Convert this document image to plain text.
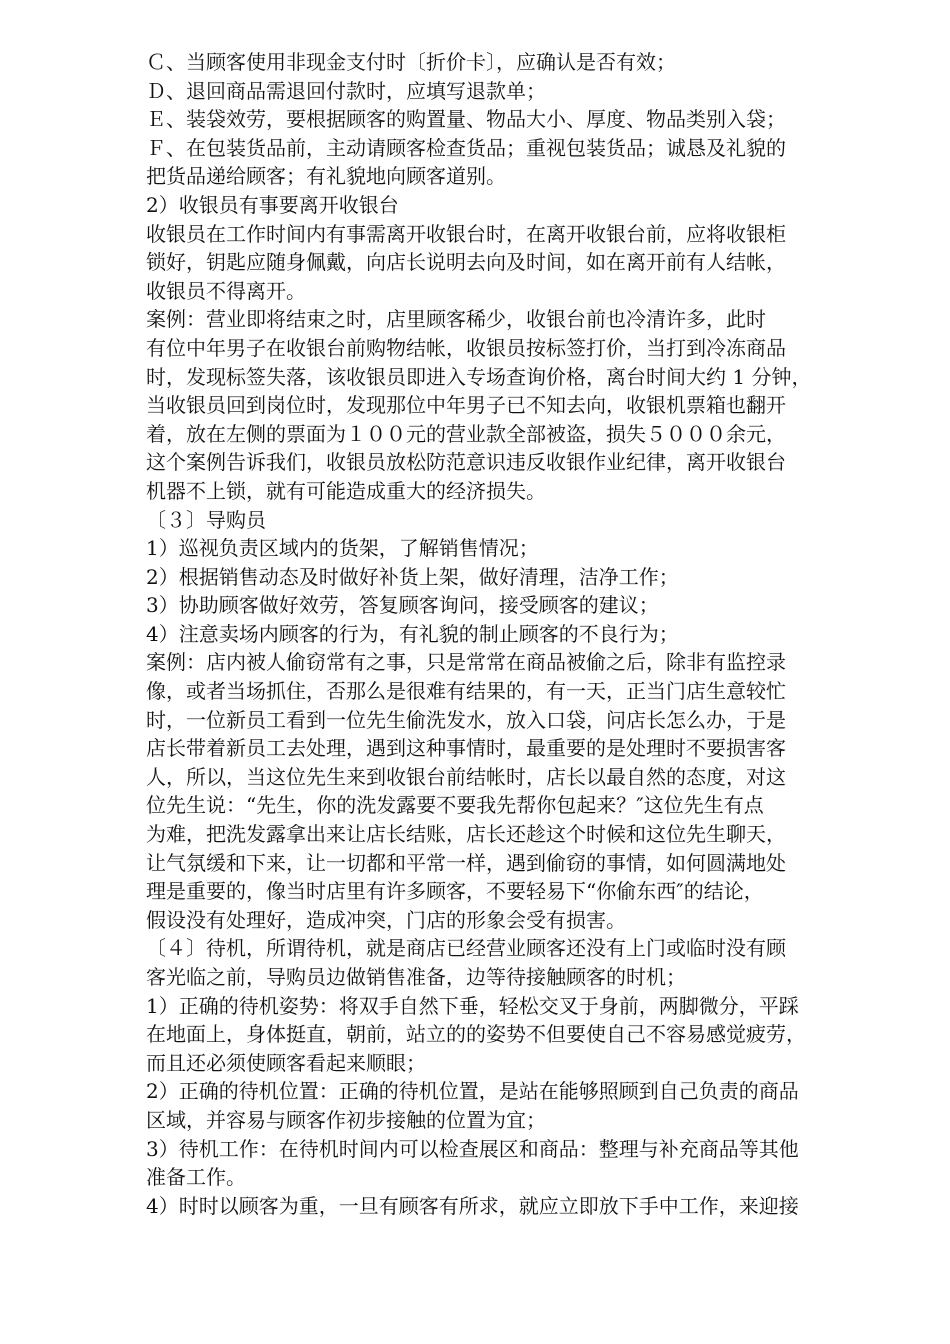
Ｃ、当顾客使用非现金支付时〔折价卡〕，应确认是否有效；
Ｄ、退回商品需退回付款时，应填写退款单；
Ｅ、装袋效劳，要根据顾客的购置量、物品大小、厚度、物品类别入袋；
Ｆ、在包装货品前，主动请顾客检查货品；重视包装货品；诚恳及礼貌的
把货品递给顾客；有礼貌地向顾客道别。
2）收银员有事要离开收银台
收银员在工作时间内有事需离开收银台时，在离开收银台前，应将收银柜
锁好，钥匙应随身佩戴，向店长说明去向及时间，如在离开前有人结帐，
收银员不得离开。
案例：营业即将结束之时，店里顾客稀少，收银台前也冷清许多，此时
有位中年男子在收银台前购物结帐，收银员按标签打价，当打到冷冻商品
时，发现标签失落，该收银员即进入专场查询价格，离台时间大约 1 分钟，
当收银员回到岗位时，发现那位中年男子已不知去向，收银机票箱也翻开
着，放在左侧的票面为１００元的营业款全部被盗，损失５０００余元，
这个案例告诉我们，收银员放松防范意识违反收银作业纪律，离开收银台
机器不上锁，就有可能造成重大的经济损失。
〔３〕导购员
1）巡视负责区域内的货架，了解销售情况；
2）根据销售动态及时做好补货上架，做好清理，洁净工作；
3）协助顾客做好效劳，答复顾客询问，接受顾客的建议；
4）注意卖场内顾客的行为，有礼貌的制止顾客的不良行为；
案例：店内被人偷窃常有之事，只是常常在商品被偷之后，除非有监控录
像，或者当场抓住，否那么是很难有结果的，有一天，正当门店生意较忙
时，一位新员工看到一位先生偷洗发水，放入口袋，问店长怎么办，于是
店长带着新员工去处理，遇到这种事情时，最重要的是处理时不要损害客
人，所以，当这位先生来到收银台前结帐时，店长以最自然的态度，对这
位先生说：“先生，你的洗发露要不要我先帮你包起来？″这位先生有点
为难，把洗发露拿出来让店长结账，店长还趁这个时候和这位先生聊天，
让气氛缓和下来，让一切都和平常一样，遇到偷窃的事情，如何圆满地处
理是重要的，像当时店里有许多顾客，不要轻易下“你偷东西″的结论，
假设没有处理好，造成冲突，门店的形象会受有损害。
〔４〕待机，所谓待机，就是商店已经营业顾客还没有上门或临时没有顾
客光临之前，导购员边做销售准备，边等待接触顾客的时机；
1）正确的待机姿势：将双手自然下垂，轻松交叉于身前，两脚微分，平踩
在地面上，身体挺直，朝前，站立的的姿势不但要使自己不容易感觉疲劳，
而且还必须使顾客看起来顺眼；
2）正确的待机位置：正确的待机位置，是站在能够照顾到自己负责的商品
区域，并容易与顾客作初步接触的位置为宜；
3）待机工作：在待机时间内可以检查展区和商品：整理与补充商品等其他
准备工作。
4）时时以顾客为重，一旦有顾客有所求，就应立即放下手中工作，来迎接
